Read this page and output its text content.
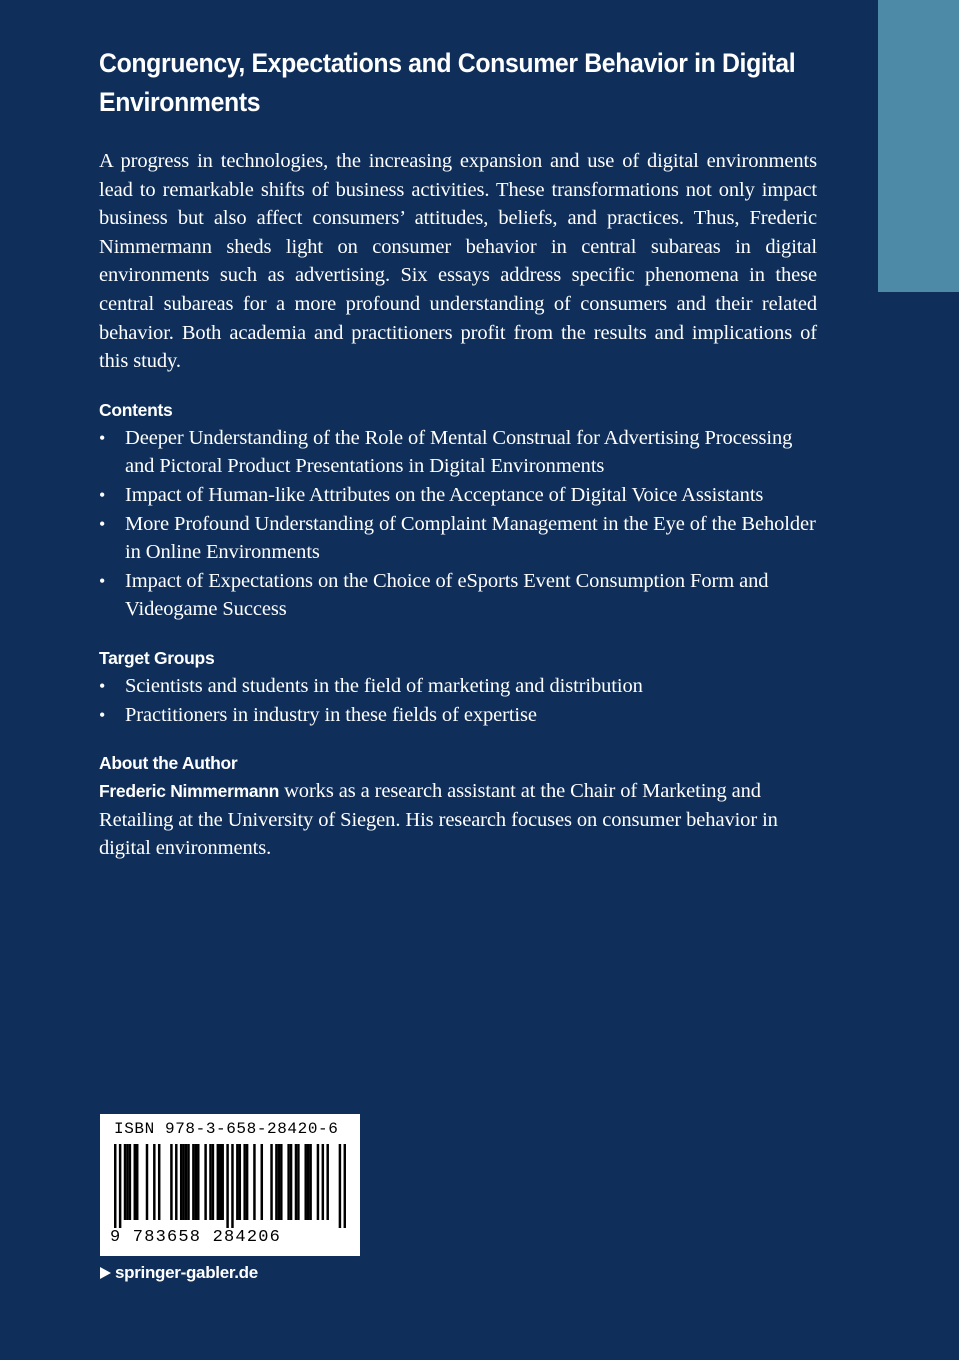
Congruency, Expectations and Consumer Behavior in Digital Environments

A progress in technologies, the increasing expansion and use of digital environments lead to remarkable shifts of business activities. These transformations not only impact business but also affect consumers’ attitudes, beliefs, and practices. Thus, Frederic Nimmermann sheds light on consumer behavior in central subareas in digital environments such as advertising. Six essays address specific phenomena in these central subareas for a more profound understanding of consumers and their related behavior. Both academia and practitioners profit from the results and implications of this study.

Contents
• Deeper Understanding of the Role of Mental Construal for Advertising Processing and Pictoral Product Presentations in Digital Environments
• Impact of Human-like Attributes on the Acceptance of Digital Voice Assistants
• More Profound Understanding of Complaint Management in the Eye of the Beholder in Online Environments
• Impact of Expectations on the Choice of eSports Event Consumption Form and Videogame Success
Target Groups
• Scientists and students in the field of marketing and distribution
• Practitioners in industry in these fields of expertise
About the Author

Frederic Nimmermann works as a research assistant at the Chair of Marketing and Retailing at the University of Siegen. His research focuses on consumer behavior in digital environments.

ISBN 978-3-658-28420-6
9 783658 284206
springer-gabler.de
